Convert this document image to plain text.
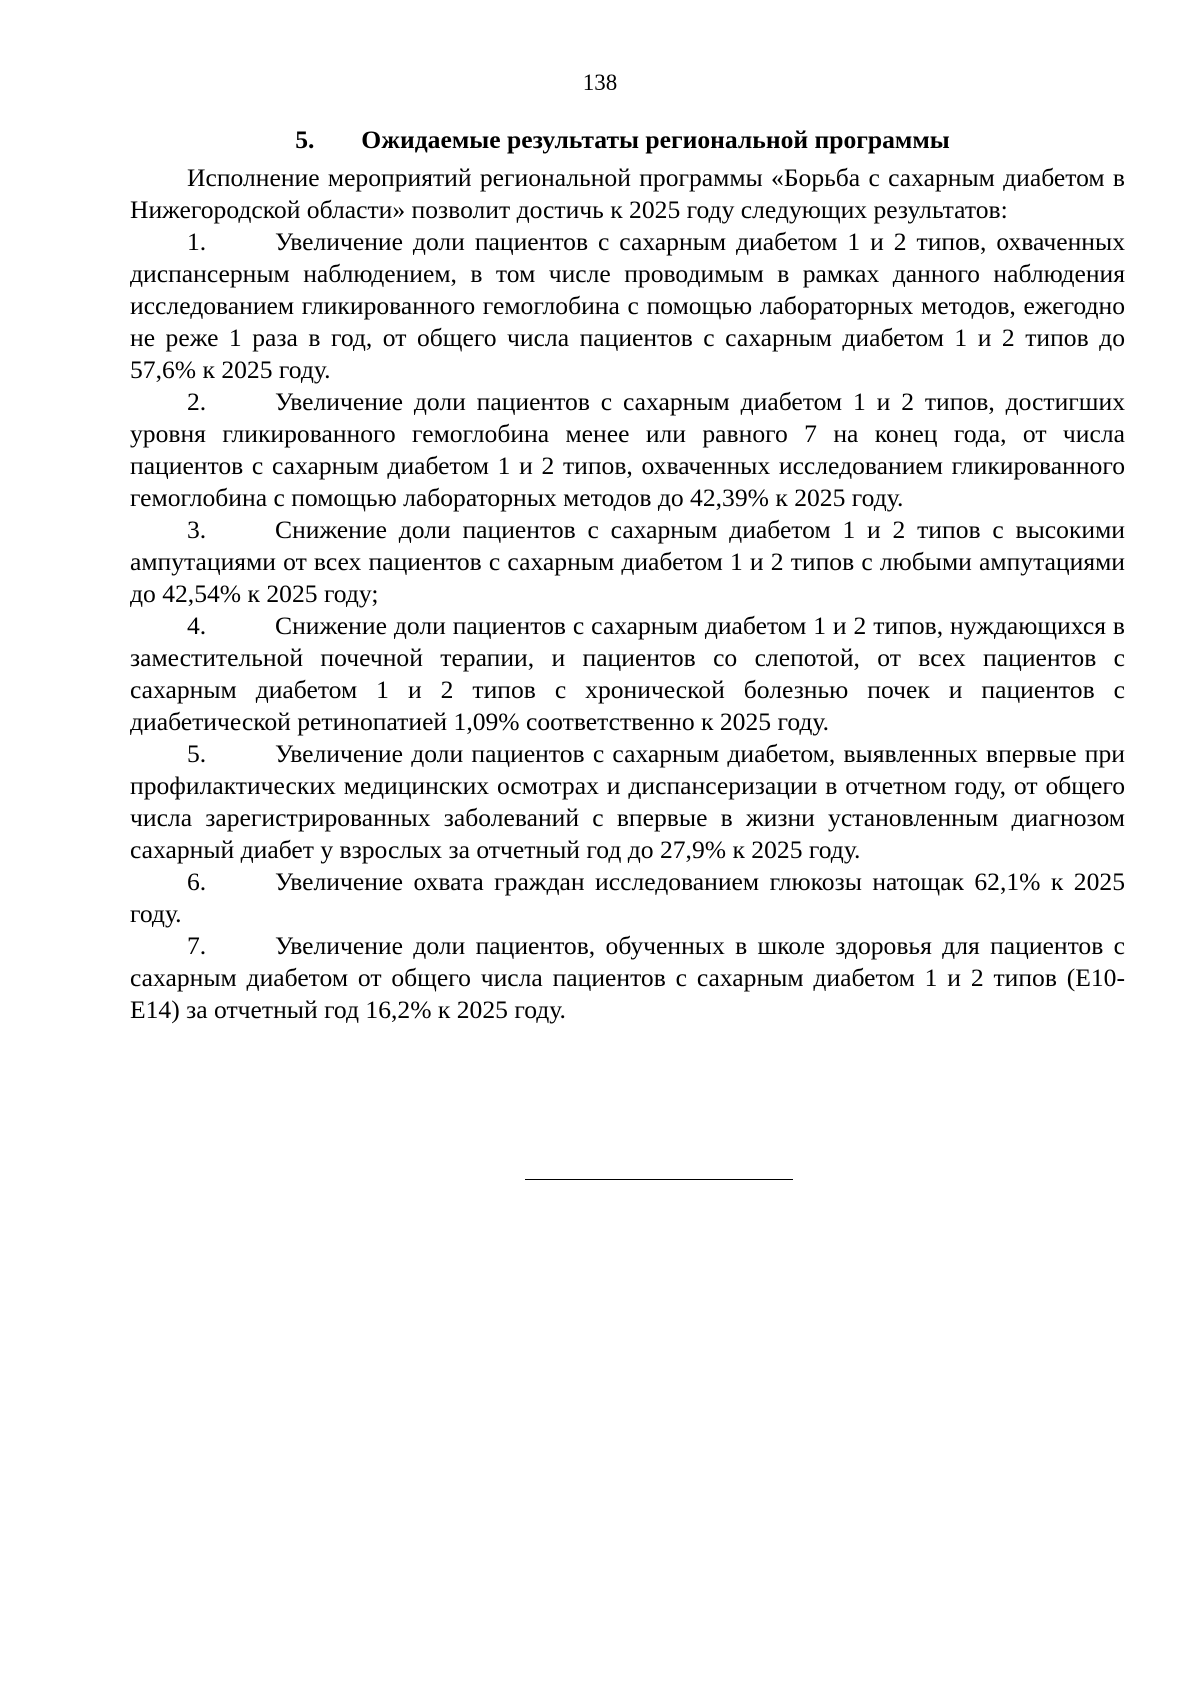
138

5. Ожидаемые результаты региональной программы

Исполнение мероприятий региональной программы «Борьба с сахарным диабетом в Нижегородской области» позволит достичь к 2025 году следующих результатов:

1.	Увеличение доли пациентов с сахарным диабетом 1 и 2 типов, охваченных диспансерным наблюдением, в том числе проводимым в рамках данного наблюдения исследованием гликированного гемоглобина с помощью лабораторных методов, ежегодно не реже 1 раза в год, от общего числа пациентов с сахарным диабетом 1 и 2 типов до 57,6% к 2025 году.

2.	Увеличение доли пациентов с сахарным диабетом 1 и 2 типов, достигших уровня гликированного гемоглобина менее или равного 7 на конец года, от числа пациентов с сахарным диабетом 1 и 2 типов, охваченных исследованием гликированного гемоглобина с помощью лабораторных методов до 42,39% к 2025 году.

3.	Снижение доли пациентов с сахарным диабетом 1 и 2 типов с высокими ампутациями от всех пациентов с сахарным диабетом 1 и 2 типов с любыми ампутациями до 42,54% к 2025 году;

4.	Снижение доли пациентов с сахарным диабетом 1 и 2 типов, нуждающихся в заместительной почечной терапии, и пациентов со слепотой, от всех пациентов с сахарным диабетом 1 и 2 типов с хронической болезнью почек и пациентов с диабетической ретинопатией 1,09% соответственно к 2025 году.

5.	Увеличение доли пациентов с сахарным диабетом, выявленных впервые при профилактических медицинских осмотрах и диспансеризации в отчетном году, от общего числа зарегистрированных заболеваний с впервые в жизни установленным диагнозом сахарный диабет у взрослых за отчетный год до 27,9% к 2025 году.

6.	Увеличение охвата граждан исследованием глюкозы натощак 62,1% к 2025 году.

7.	Увеличение доли пациентов, обученных в школе здоровья для пациентов с сахарным диабетом от общего числа пациентов с сахарным диабетом 1 и 2 типов (Е10-Е14) за отчетный год 16,2% к 2025 году.
